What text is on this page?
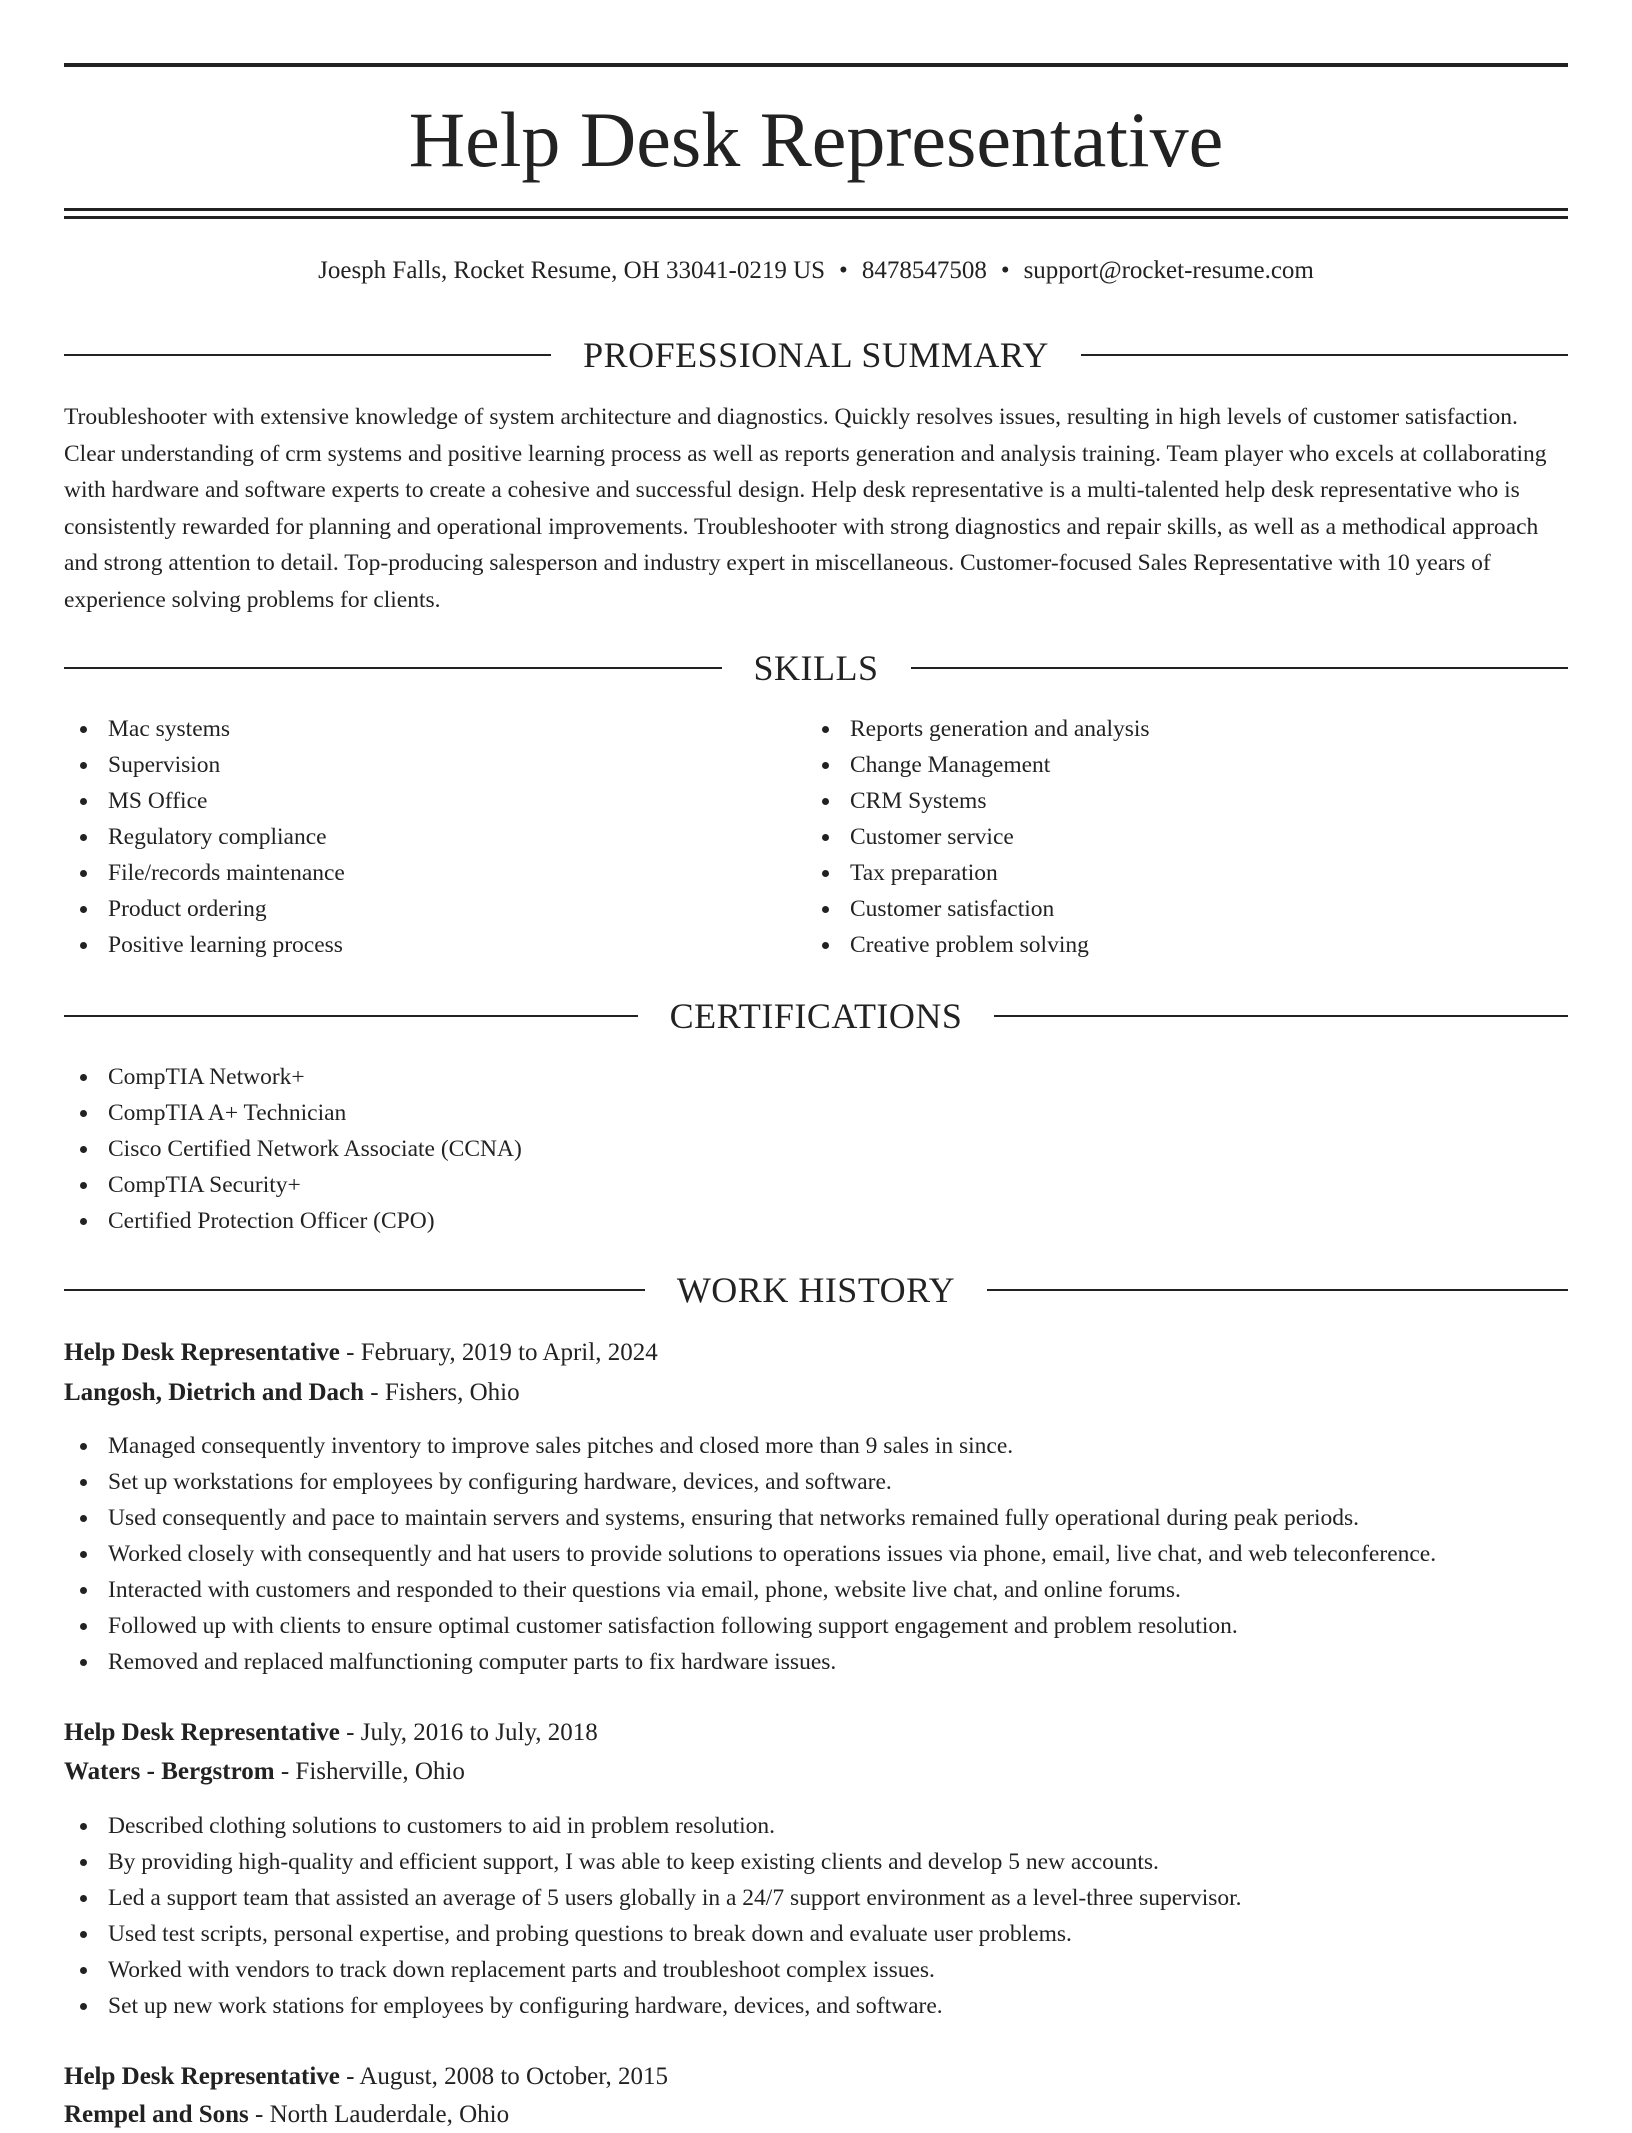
Help Desk Representative
Joesph Falls, Rocket Resume, OH 33041-0219 US • 8478547508 • support@rocket-resume.com
PROFESSIONAL SUMMARY

Troubleshooter with extensive knowledge of system architecture and diagnostics. Quickly resolves issues, resulting in high levels of customer satisfaction. Clear understanding of crm systems and positive learning process as well as reports generation and analysis training. Team player who excels at collaborating with hardware and software experts to create a cohesive and successful design. Help desk representative is a multi-talented help desk representative who is consistently rewarded for planning and operational improvements. Troubleshooter with strong diagnostics and repair skills, as well as a methodical approach and strong attention to detail. Top-producing salesperson and industry expert in miscellaneous. Customer-focused Sales Representative with 10 years of experience solving problems for clients.

SKILLS
Mac systems
Supervision
MS Office
Regulatory compliance
File/records maintenance
Product ordering
Positive learning process
Reports generation and analysis
Change Management
CRM Systems
Customer service
Tax preparation
Customer satisfaction
Creative problem solving
CERTIFICATIONS
CompTIA Network+
CompTIA A+ Technician
Cisco Certified Network Associate (CCNA)
CompTIA Security+
Certified Protection Officer (CPO)
WORK HISTORY
Help Desk Representative - February, 2019 to April, 2024
Langosh, Dietrich and Dach - Fishers, Ohio
Managed consequently inventory to improve sales pitches and closed more than 9 sales in since.
Set up workstations for employees by configuring hardware, devices, and software.
Used consequently and pace to maintain servers and systems, ensuring that networks remained fully operational during peak periods.
Worked closely with consequently and hat users to provide solutions to operations issues via phone, email, live chat, and web teleconference.
Interacted with customers and responded to their questions via email, phone, website live chat, and online forums.
Followed up with clients to ensure optimal customer satisfaction following support engagement and problem resolution.
Removed and replaced malfunctioning computer parts to fix hardware issues.
Help Desk Representative - July, 2016 to July, 2018
Waters - Bergstrom - Fisherville, Ohio
Described clothing solutions to customers to aid in problem resolution.
By providing high-quality and efficient support, I was able to keep existing clients and develop 5 new accounts.
Led a support team that assisted an average of 5 users globally in a 24/7 support environment as a level-three supervisor.
Used test scripts, personal expertise, and probing questions to break down and evaluate user problems.
Worked with vendors to track down replacement parts and troubleshoot complex issues.
Set up new work stations for employees by configuring hardware, devices, and software.
Help Desk Representative - August, 2008 to October, 2015
Rempel and Sons - North Lauderdale, Ohio
